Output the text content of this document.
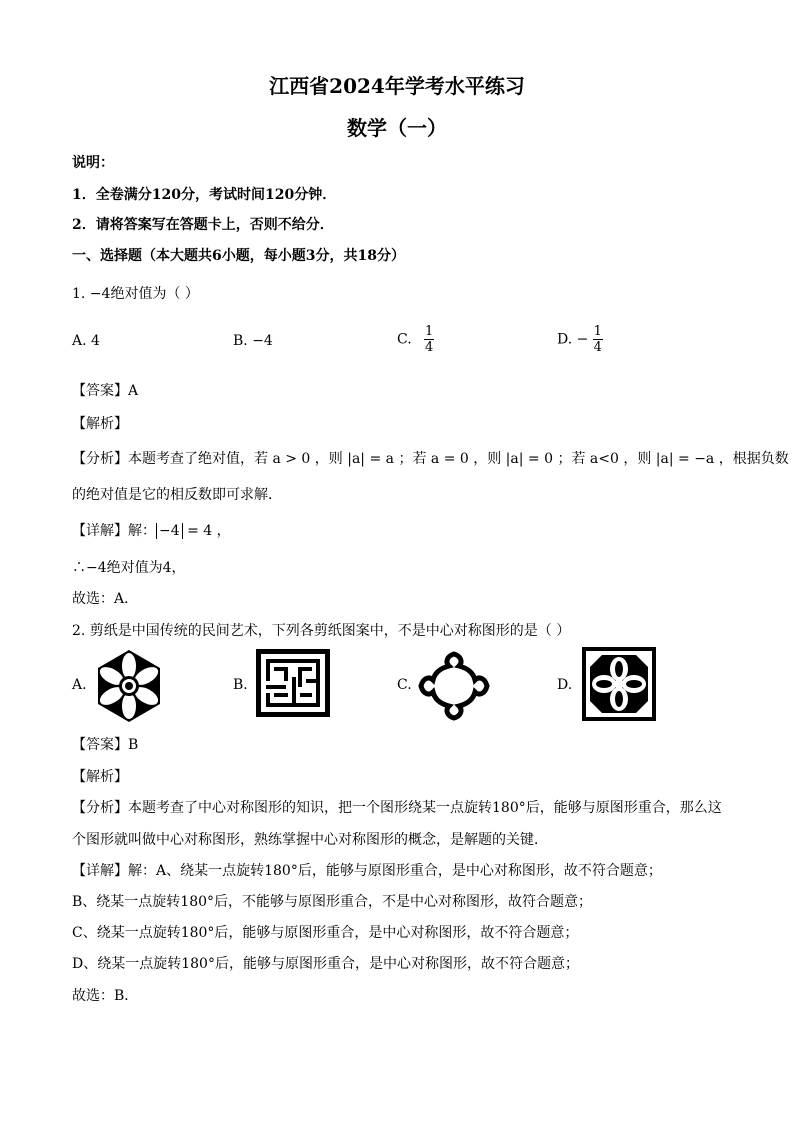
江西省2024年学考水平练习
数学（一）
说明：
1．全卷满分120分，考试时间120分钟．
2．请将答案写在答题卡上，否则不给分．
一、选择题（本大题共6小题，每小题3分，共18分）
1. −4绝对值为（ ）
A. 4	B. −4	C. $\frac{1}{4}$	D. − $\frac{1}{4}$
【答案】A
【解析】
【分析】本题考查了绝对值，若 a > 0 ，则 |a| = a ；若 a = 0 ，则 |a| = 0 ；若 a<0 ，则 |a| = −a ，根据负数
的绝对值是它的相反数即可求解．
【详解】解： −4 = 4 ，
∴−4绝对值为4，
故选：A．
2. 剪纸是中国传统的民间艺术，下列各剪纸图案中，不是中心对称图形的是（ ）
A.	B.	C.	D.
【答案】B
【解析】
【分析】本题考查了中心对称图形的知识，把一个图形绕某一点旋转180°后，能够与原图形重合，那么这
个图形就叫做中心对称图形，熟练掌握中心对称图形的概念，是解题的关键．
【详解】解：A、绕某一点旋转180°后，能够与原图形重合，是中心对称图形，故不符合题意；
B、绕某一点旋转180°后，不能够与原图形重合，不是中心对称图形，故符合题意；
C、绕某一点旋转180°后，能够与原图形重合，是中心对称图形，故不符合题意；
D、绕某一点旋转180°后，能够与原图形重合，是中心对称图形，故不符合题意；
故选：B．
